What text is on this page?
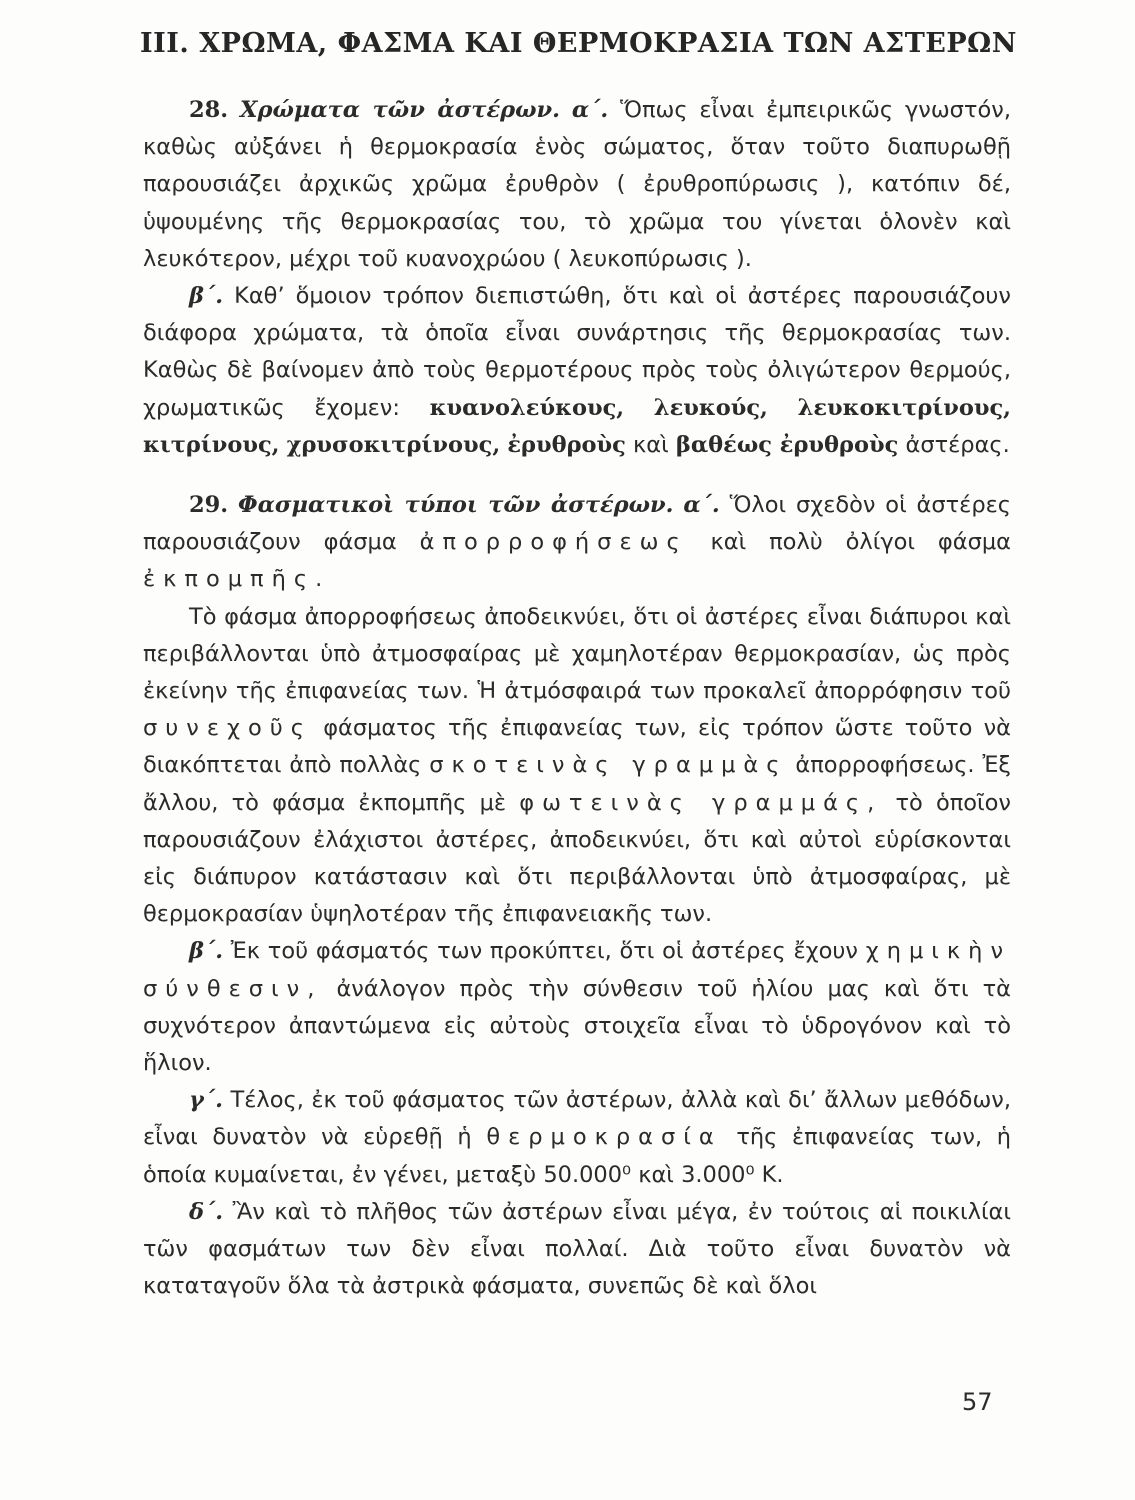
III. ΧΡΩΜΑ, ΦΑΣΜΑ ΚΑΙ ΘΕΡΜΟΚΡΑΣΙΑ ΤΩΝ ΑΣΤΕΡΩΝ

28. Χρώματα τῶν ἀστέρων. α΄. Ὅπως εἶναι ἐμπειρικῶς γνωστόν, καθὼς αὐξάνει ἡ θερμοκρασία ἑνὸς σώματος, ὅταν τοῦτο διαπυρωθῇ παρουσιάζει ἀρχικῶς χρῶμα ἐρυθρὸν ( ἐρυθροπύρωσις ), κατόπιν δέ, ὑψουμένης τῆς θερμοκρασίας του, τὸ χρῶμα του γίνεται ὁλονὲν καὶ λευκότερον, μέχρι τοῦ κυανοχρώου ( λευκοπύρωσις ).

β΄. Καθ’ ὅμοιον τρόπον διεπιστώθη, ὅτι καὶ οἱ ἀστέρες παρουσιάζουν διάφορα χρώματα, τὰ ὁποῖα εἶναι συνάρτησις τῆς θερμοκρασίας των. Καθὼς δὲ βαίνομεν ἀπὸ τοὺς θερμοτέρους πρὸς τοὺς ὀλιγώτερον θερμούς, χρωματικῶς ἔχομεν: κυανολεύκους, λευκούς, λευκοκιτρίνους, κιτρίνους, χρυσοκιτρίνους, ἐρυθροὺς καὶ βαθέως ἐρυθροὺς ἀστέρας.

29. Φασματικοὶ τύποι τῶν ἀστέρων. α΄. Ὅλοι σχεδὸν οἱ ἀστέρες παρουσιάζουν φάσμα ἀπορροφήσεως καὶ πολὺ ὀλίγοι φάσμα ἐκπομπῆς.

Τὸ φάσμα ἀπορροφήσεως ἀποδεικνύει, ὅτι οἱ ἀστέρες εἶναι διάπυροι καὶ περιβάλλονται ὑπὸ ἀτμοσφαίρας μὲ χαμηλοτέραν θερμοκρασίαν, ὡς πρὸς ἐκείνην τῆς ἐπιφανείας των. Ἡ ἀτμόσφαιρά των προκαλεῖ ἀπορρόφησιν τοῦ συνεχοῦς φάσματος τῆς ἐπιφανείας των, εἰς τρόπον ὥστε τοῦτο νὰ διακόπτεται ἀπὸ πολλὰς σκοτεινὰς γραμμὰς ἀπορροφήσεως. Ἐξ ἄλλου, τὸ φάσμα ἐκπομπῆς μὲ φωτεινὰς γραμμάς, τὸ ὁποῖον παρουσιάζουν ἐλάχιστοι ἀστέρες, ἀποδεικνύει, ὅτι καὶ αὐτοὶ εὑρίσκονται εἰς διάπυρον κατάστασιν καὶ ὅτι περιβάλλονται ὑπὸ ἀτμοσφαίρας, μὲ θερμοκρασίαν ὑψηλοτέραν τῆς ἐπιφανειακῆς των.

β΄. Ἐκ τοῦ φάσματός των προκύπτει, ὅτι οἱ ἀστέρες ἔχουν χημικὴν σύνθεσιν, ἀνάλογον πρὸς τὴν σύνθεσιν τοῦ ἡλίου μας καὶ ὅτι τὰ συχνότερον ἀπαντώμενα εἰς αὐτοὺς στοιχεῖα εἶναι τὸ ὑδρογόνον καὶ τὸ ἥλιον.

γ΄. Τέλος, ἐκ τοῦ φάσματος τῶν ἀστέρων, ἀλλὰ καὶ δι’ ἄλλων μεθόδων, εἶναι δυνατὸν νὰ εὑρεθῇ ἡ θερμοκρασία τῆς ἐπιφανείας των, ἡ ὁποία κυμαίνεται, ἐν γένει, μεταξὺ 50.000⁰ καὶ 3.000⁰ Κ.

δ΄. Ἂν καὶ τὸ πλῆθος τῶν ἀστέρων εἶναι μέγα, ἐν τούτοις αἱ ποικιλίαι τῶν φασμάτων των δὲν εἶναι πολλαί. Διὰ τοῦτο εἶναι δυνατὸν νὰ καταταγοῦν ὅλα τὰ ἀστρικὰ φάσματα, συνεπῶς δὲ καὶ ὅλοι

57
